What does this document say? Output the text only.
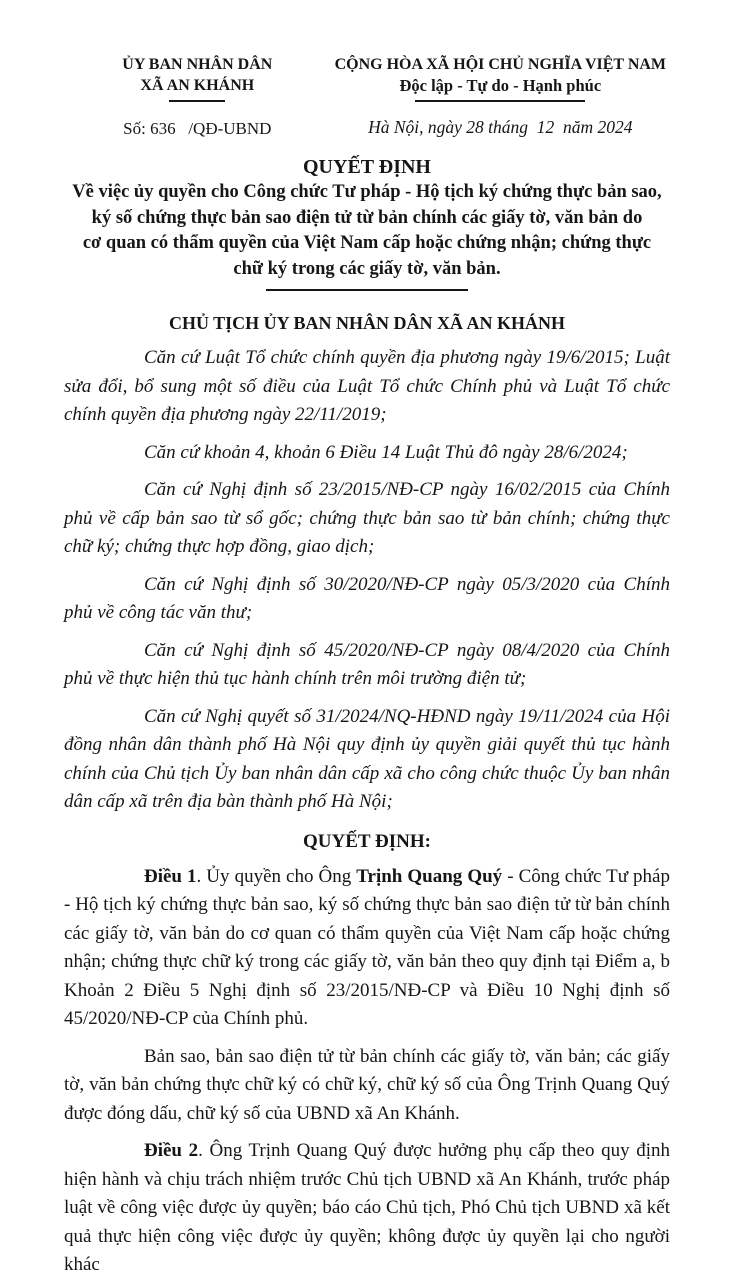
ỦY BAN NHÂN DÂN
XÃ AN KHÁNH
Số: 636   /QĐ-UBND
CỘNG HÒA XÃ HỘI CHỦ NGHĨA VIỆT NAM
Độc lập - Tự do - Hạnh phúc
Hà Nội, ngày 28 tháng  12  năm 2024
QUYẾT ĐỊNH
Về việc ủy quyền cho Công chức Tư pháp - Hộ tịch ký chứng thực bản sao,
ký số chứng thực bản sao điện tử từ bản chính các giấy tờ, văn bản do
cơ quan có thẩm quyền của Việt Nam cấp hoặc chứng nhận; chứng thực
chữ ký trong các giấy tờ, văn bản.
CHỦ TỊCH ỦY BAN NHÂN DÂN XÃ AN KHÁNH

Căn cứ Luật Tổ chức chính quyền địa phương ngày 19/6/2015; Luật sửa đổi, bổ sung một số điều của Luật Tổ chức Chính phủ và Luật Tổ chức chính quyền địa phương ngày 22/11/2019;

Căn cứ khoản 4, khoản 6 Điều 14 Luật Thủ đô ngày 28/6/2024;

Căn cứ Nghị định số 23/2015/NĐ-CP ngày 16/02/2015 của Chính phủ về cấp bản sao từ sổ gốc; chứng thực bản sao từ bản chính; chứng thực chữ ký; chứng thực hợp đồng, giao dịch;

Căn cứ Nghị định số 30/2020/NĐ-CP ngày 05/3/2020 của Chính phủ về công tác văn thư;

Căn cứ Nghị định số 45/2020/NĐ-CP ngày 08/4/2020 của Chính phủ về thực hiện thủ tục hành chính trên môi trường điện tử;

Căn cứ Nghị quyết số 31/2024/NQ-HĐND ngày 19/11/2024 của Hội đồng nhân dân thành phố Hà Nội quy định ủy quyền giải quyết thủ tục hành chính của Chủ tịch Ủy ban nhân dân cấp xã cho công chức thuộc Ủy ban nhân dân cấp xã trên địa bàn thành phố Hà Nội;

QUYẾT ĐỊNH:

Điều 1. Ủy quyền cho Ông Trịnh Quang Quý - Công chức Tư pháp - Hộ tịch ký chứng thực bản sao, ký số chứng thực bản sao điện tử từ bản chính các giấy tờ, văn bản do cơ quan có thẩm quyền của Việt Nam cấp hoặc chứng nhận; chứng thực chữ ký trong các giấy tờ, văn bản theo quy định tại Điểm a, b Khoản 2 Điều 5 Nghị định số 23/2015/NĐ-CP và Điều 10 Nghị định số 45/2020/NĐ-CP của Chính phủ.

Bản sao, bản sao điện tử từ bản chính các giấy tờ, văn bản; các giấy tờ, văn bản chứng thực chữ ký có chữ ký, chữ ký số của Ông Trịnh Quang Quý được đóng dấu, chữ ký số của UBND xã An Khánh.

Điều 2. Ông Trịnh Quang Quý được hưởng phụ cấp theo quy định hiện hành và chịu trách nhiệm trước Chủ tịch UBND xã An Khánh, trước pháp luật về công việc được ủy quyền; báo cáo Chủ tịch, Phó Chủ tịch UBND xã kết quả thực hiện công việc được ủy quyền; không được ủy quyền lại cho người khác
